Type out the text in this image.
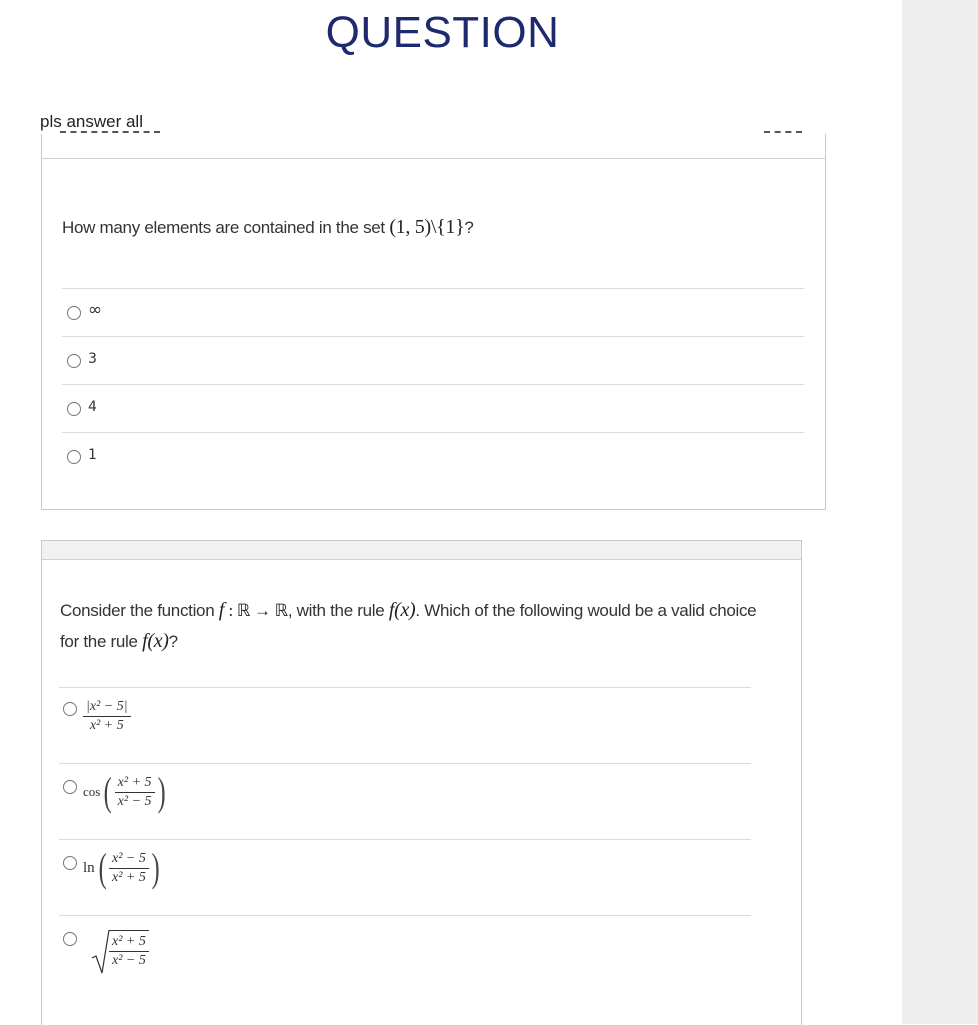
QUESTION
pls answer all
How many elements are contained in the set (1, 5)\{1}?
∞
3
4
1
Consider the function f : ℝ → ℝ, with the rule f(x). Which of the following would be a valid choice for the rule f(x)?
$\frac{\text{|x² − 5|}}{\text{x² + 5}}$
$\cos( \frac{\text{x² + 5}}{\text{x² − 5}}$ )
$\ln( \frac{\text{x² − 5}}{\text{x² + 5}}$ )
$\frac{\text{x² + 5}}{\text{x² − 5}}$
